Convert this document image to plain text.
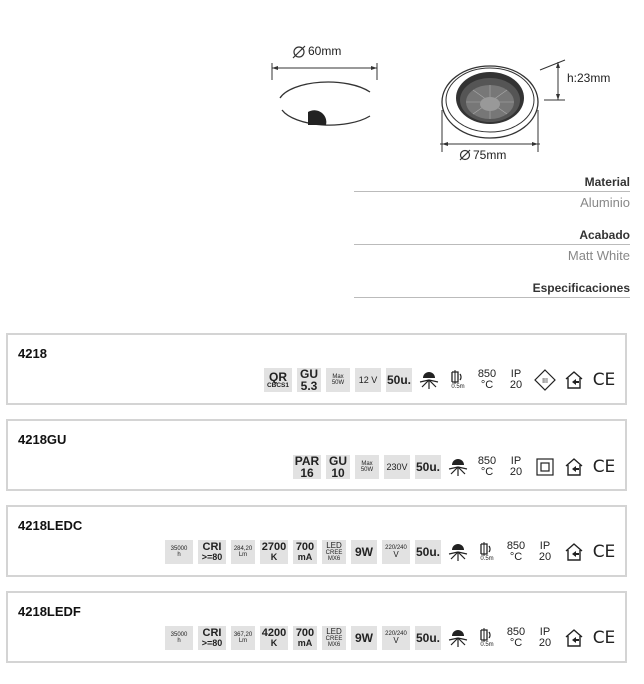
60mm
h:23mm
75mm
Material
Aluminio
Acabado
Matt White
Especificaciones
4218
QR
CBCS1
GU
5.3
Max
50W 12 V 50u.	0.5m
850
°C
IP
20	III	CE
4218GU
PAR
16
GU
10
Max
50W 230V 50u.	850
°C
IP
20	CE
4218LEDC
35000
h
CRI
>=80
284,20
Lm
2700
K
700
mA
LED
CREE
MX6 9W 220/240
V 50u.	0.5m
850
°C
IP
20 CE
4218LEDF
35000
h
CRI
>=80
367,20
Lm
4200
K
700
mA
LED
CREE
MX6 9W 220/240
V 50u.	0.5m
850
°C
IP
20 CE
